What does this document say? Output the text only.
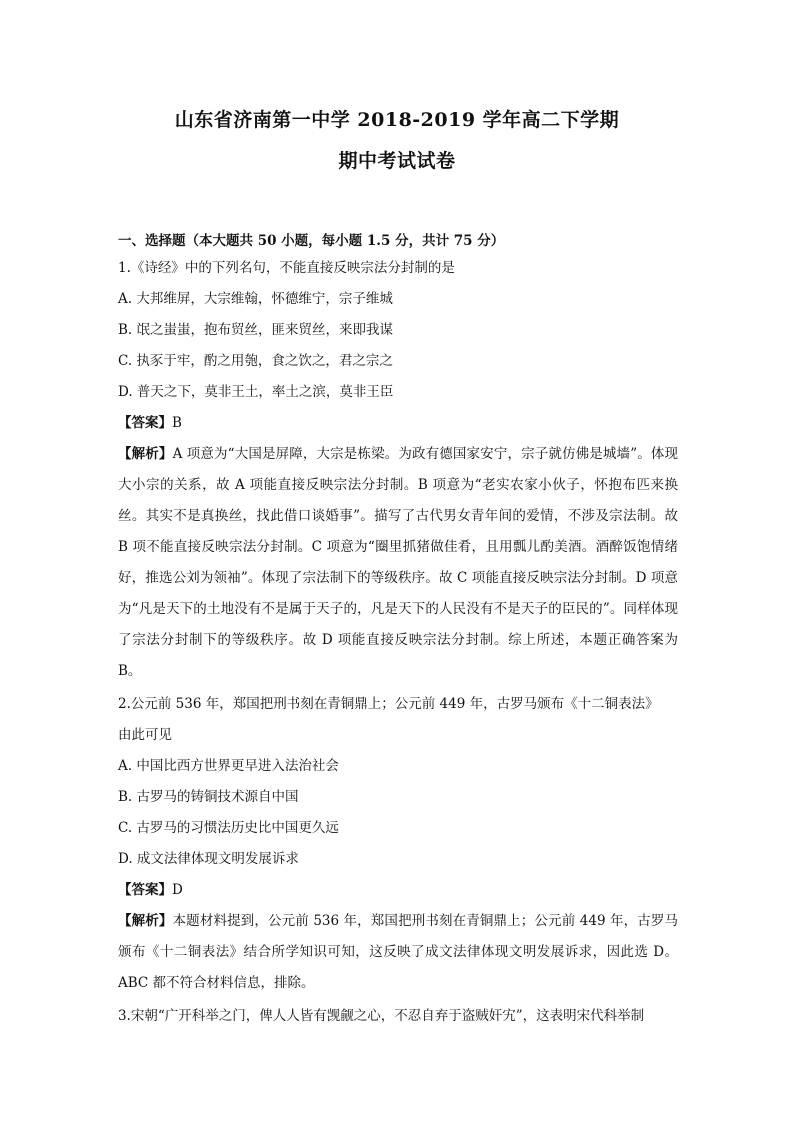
山东省济南第一中学 2018-2019 学年高二下学期
期中考试试卷
一、选择题（本大题共 50 小题，每小题 1.5 分，共计 75 分）
1.《诗经》中的下列名句，不能直接反映宗法分封制的是
A. 大邦维屏，大宗维翰，怀德维宁，宗子维城
B. 氓之蚩蚩，抱布贸丝，匪来贸丝，来即我谋
C. 执豕于牢，酌之用匏，食之饮之，君之宗之
D. 普天之下，莫非王土，率土之滨，莫非王臣
【答案】B
【解析】A 项意为“大国是屏障，大宗是栋梁。为政有德国家安宁，宗子就仿佛是城墙”。体现大小宗的关系，故 A 项能直接反映宗法分封制。B 项意为“老实农家小伙子，怀抱布匹来换丝。其实不是真换丝，找此借口谈婚事”。描写了古代男女青年间的爱情，不涉及宗法制。故 B 项不能直接反映宗法分封制。C 项意为“圈里抓猪做佳肴，且用瓢儿酌美酒。酒醉饭饱情绪好，推选公刘为领袖”。体现了宗法制下的等级秩序。故 C 项能直接反映宗法分封制。D 项意为“凡是天下的土地没有不是属于天子的，凡是天下的人民没有不是天子的臣民的”。同样体现了宗法分封制下的等级秩序。故 D 项能直接反映宗法分封制。综上所述，本题正确答案为 B。
2.公元前 536 年，郑国把刑书刻在青铜鼎上；公元前 449 年，古罗马颁布《十二铜表法》
由此可见
A. 中国比西方世界更早进入法治社会
B. 古罗马的铸铜技术源自中国
C. 古罗马的习惯法历史比中国更久远
D. 成文法律体现文明发展诉求
【答案】D
【解析】本题材料提到，公元前 536 年，郑国把刑书刻在青铜鼎上；公元前 449 年，古罗马颁布《十二铜表法》结合所学知识可知，这反映了成文法律体现文明发展诉求，因此选 D。ABC 都不符合材料信息，排除。
3.宋朝“广开科举之门，俾人人皆有觊觎之心，不忍自弃于盗贼奸宄”，这表明宋代科举制
